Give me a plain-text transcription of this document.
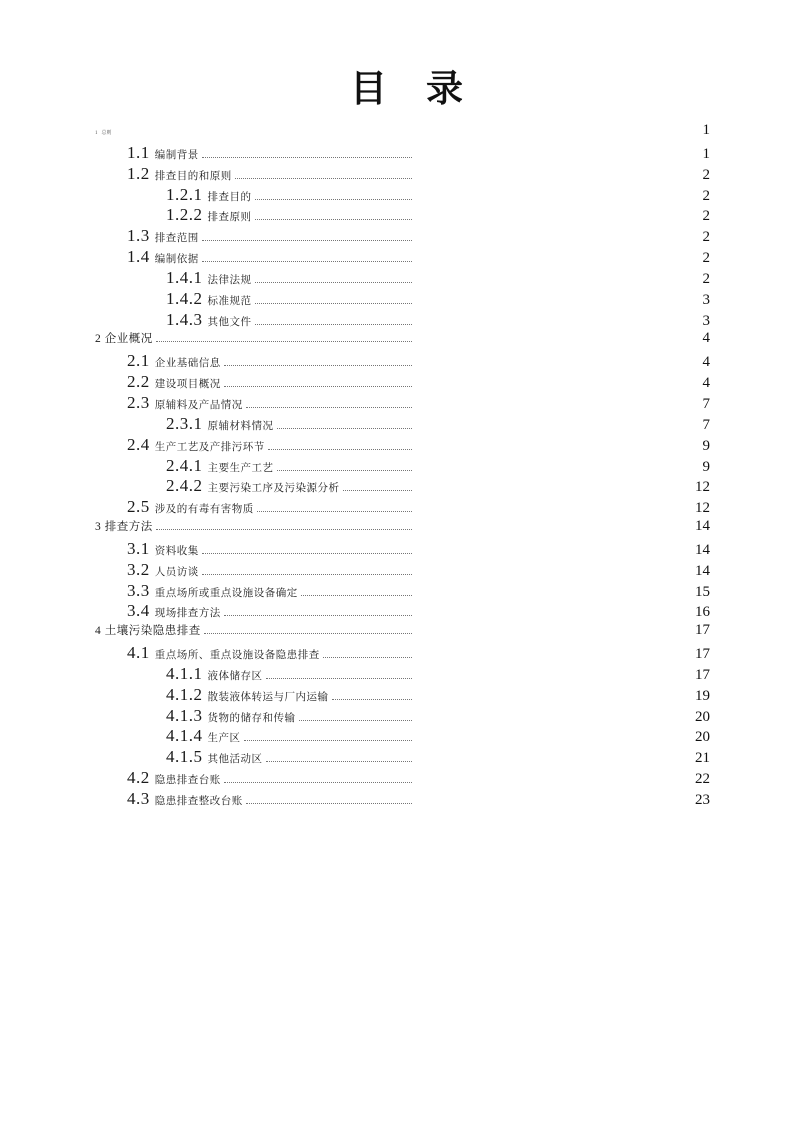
目　录
1 总则	1
1.1 编制背景	1
1.2 排查目的和原则	2
1.2.1 排查目的	2
1.2.2 排查原则	2
1.3 排查范围	2
1.4 编制依据	2
1.4.1 法律法规	2
1.4.2 标准规范	3
1.4.3 其他文件	3
2 企业概况	4
2.1 企业基础信息	4
2.2 建设项目概况	4
2.3 原辅料及产品情况	7
2.3.1 原辅材料情况	7
2.4 生产工艺及产排污环节	9
2.4.1 主要生产工艺	9
2.4.2 主要污染工序及污染源分析	12
2.5 涉及的有毒有害物质	12
3 排查方法	14
3.1 资料收集	14
3.2 人员访谈	14
3.3 重点场所或重点设施设备确定	15
3.4 现场排查方法	16
4 土壤污染隐患排查	17
4.1 重点场所、重点设施设备隐患排查	17
4.1.1 液体储存区	17
4.1.2 散装液体转运与厂内运输	19
4.1.3 货物的储存和传输	20
4.1.4 生产区	20
4.1.5 其他活动区	21
4.2 隐患排查台账	22
4.3 隐患排查整改台账	23
